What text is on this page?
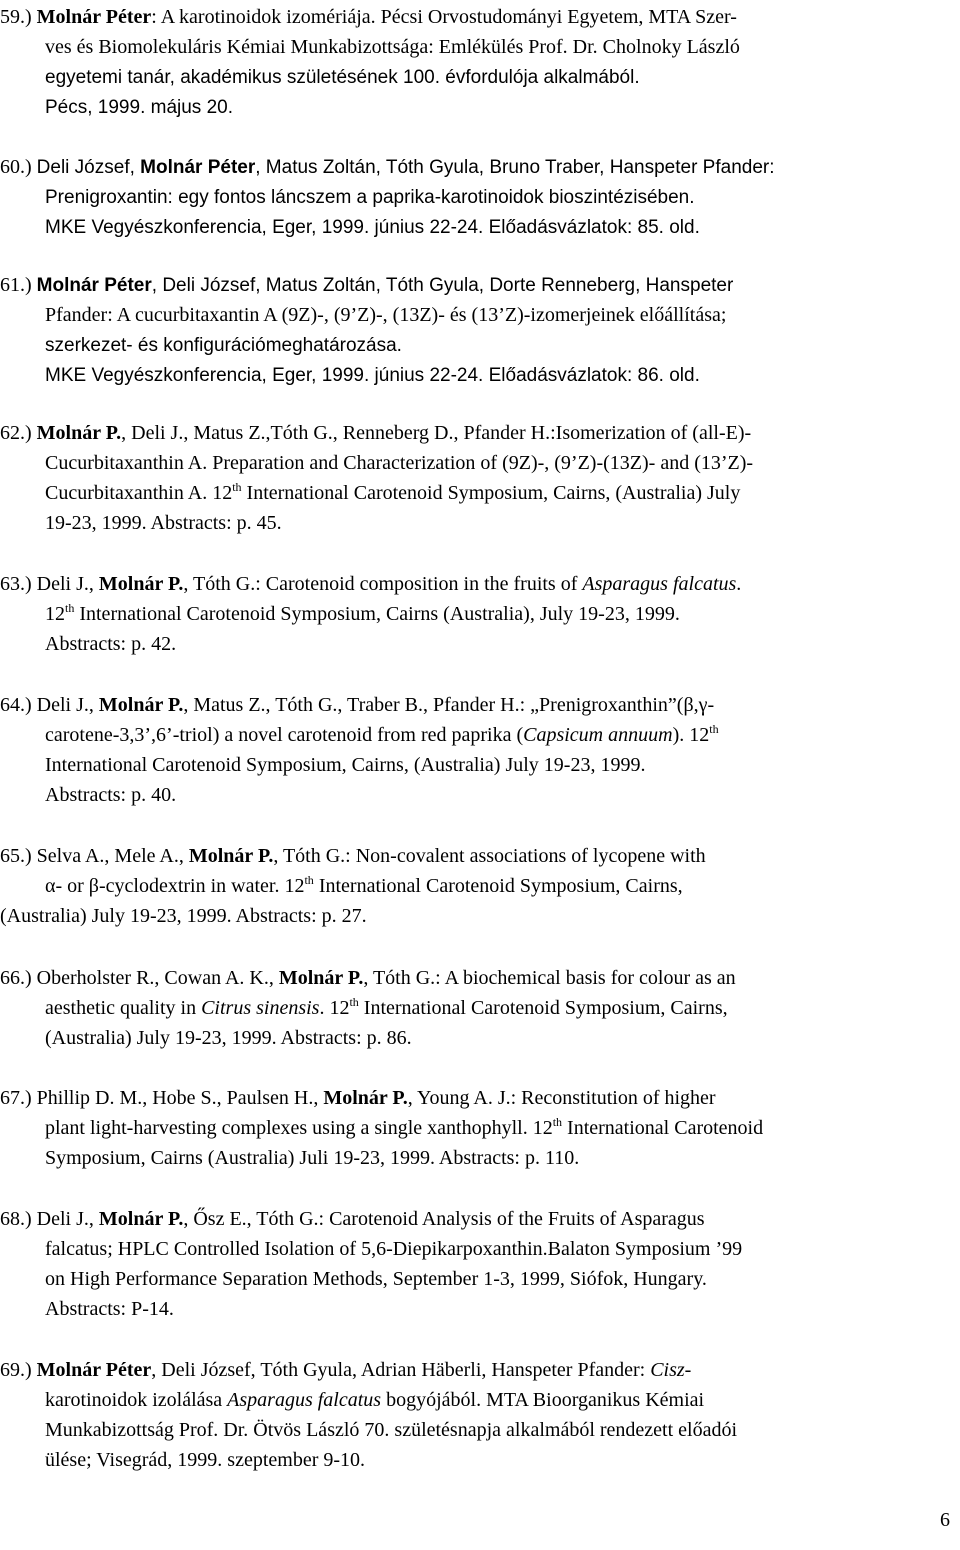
59.) Molnár Péter: A karotinoidok izomériája. Pécsi Orvostudományi Egyetem, MTA Szer-
ves és Biomolekuláris Kémiai Munkabizottsága: Emlékülés Prof. Dr. Cholnoky László
egyetemi tanár, akadémikus születésének 100. évfordulója alkalmából.
Pécs, 1999. május 20.
60.) Deli József, Molnár Péter, Matus Zoltán, Tóth Gyula, Bruno Traber, Hanspeter Pfander:
Prenigroxantin: egy fontos láncszem a paprika-karotinoidok bioszintézisében.
MKE Vegyészkonferencia, Eger, 1999. június 22-24. Előadásvázlatok: 85. old.
61.) Molnár Péter, Deli József, Matus Zoltán, Tóth Gyula, Dorte Renneberg, Hanspeter
Pfander: A cucurbitaxantin A (9Z)-, (9’Z)-, (13Z)- és (13’Z)-izomerjeinek előállítása;
szerkezet- és konfigurációmeghatározása.
MKE Vegyészkonferencia, Eger, 1999. június 22-24. Előadásvázlatok: 86. old.
62.) Molnár P., Deli J., Matus Z.,Tóth G., Renneberg D., Pfander H.:Isomerization of (all-E)-
Cucurbitaxanthin A. Preparation and Characterization of (9Z)-, (9’Z)-(13Z)- and (13’Z)-
Cucurbitaxanthin A. 12th International Carotenoid Symposium, Cairns, (Australia) July
19-23, 1999. Abstracts: p. 45.
63.) Deli J., Molnár P., Tóth G.: Carotenoid composition in the fruits of Asparagus falcatus.
12th International Carotenoid Symposium, Cairns (Australia), July 19-23, 1999.
Abstracts: p. 42.
64.) Deli J., Molnár P., Matus Z., Tóth G., Traber B., Pfander H.: „Prenigroxanthin”(β,γ-
carotene-3,3’,6’-triol) a novel carotenoid from red paprika (Capsicum annuum). 12th
International Carotenoid Symposium, Cairns, (Australia) July 19-23, 1999.
Abstracts: p. 40.
65.) Selva A., Mele A., Molnár P., Tóth G.: Non-covalent associations of lycopene with
α- or β-cyclodextrin in water. 12th International Carotenoid Symposium, Cairns,
(Australia) July 19-23, 1999. Abstracts: p. 27.
66.) Oberholster R., Cowan A. K., Molnár P., Tóth G.: A biochemical basis for colour as an
aesthetic quality in Citrus sinensis. 12th International Carotenoid Symposium, Cairns,
(Australia) July 19-23, 1999. Abstracts: p. 86.
67.) Phillip D. M., Hobe S., Paulsen H., Molnár P., Young A. J.: Reconstitution of higher
plant light-harvesting complexes using a single xanthophyll. 12th International Carotenoid
Symposium, Cairns (Australia) Juli 19-23, 1999. Abstracts: p. 110.
68.) Deli J., Molnár P., Ősz E., Tóth G.: Carotenoid Analysis of the Fruits of Asparagus
falcatus; HPLC Controlled Isolation of 5,6-Diepikarpoxanthin.Balaton Symposium ’99
on High Performance Separation Methods, September 1-3, 1999, Siófok, Hungary.
Abstracts: P-14.
69.) Molnár Péter, Deli József, Tóth Gyula, Adrian Häberli, Hanspeter Pfander: Cisz-
karotinoidok izolálása Asparagus falcatus bogyójából. MTA Bioorganikus Kémiai
Munkabizottság Prof. Dr. Ötvös László 70. születésnapja alkalmából rendezett előadói
ülése; Visegrád, 1999. szeptember 9-10.
6
